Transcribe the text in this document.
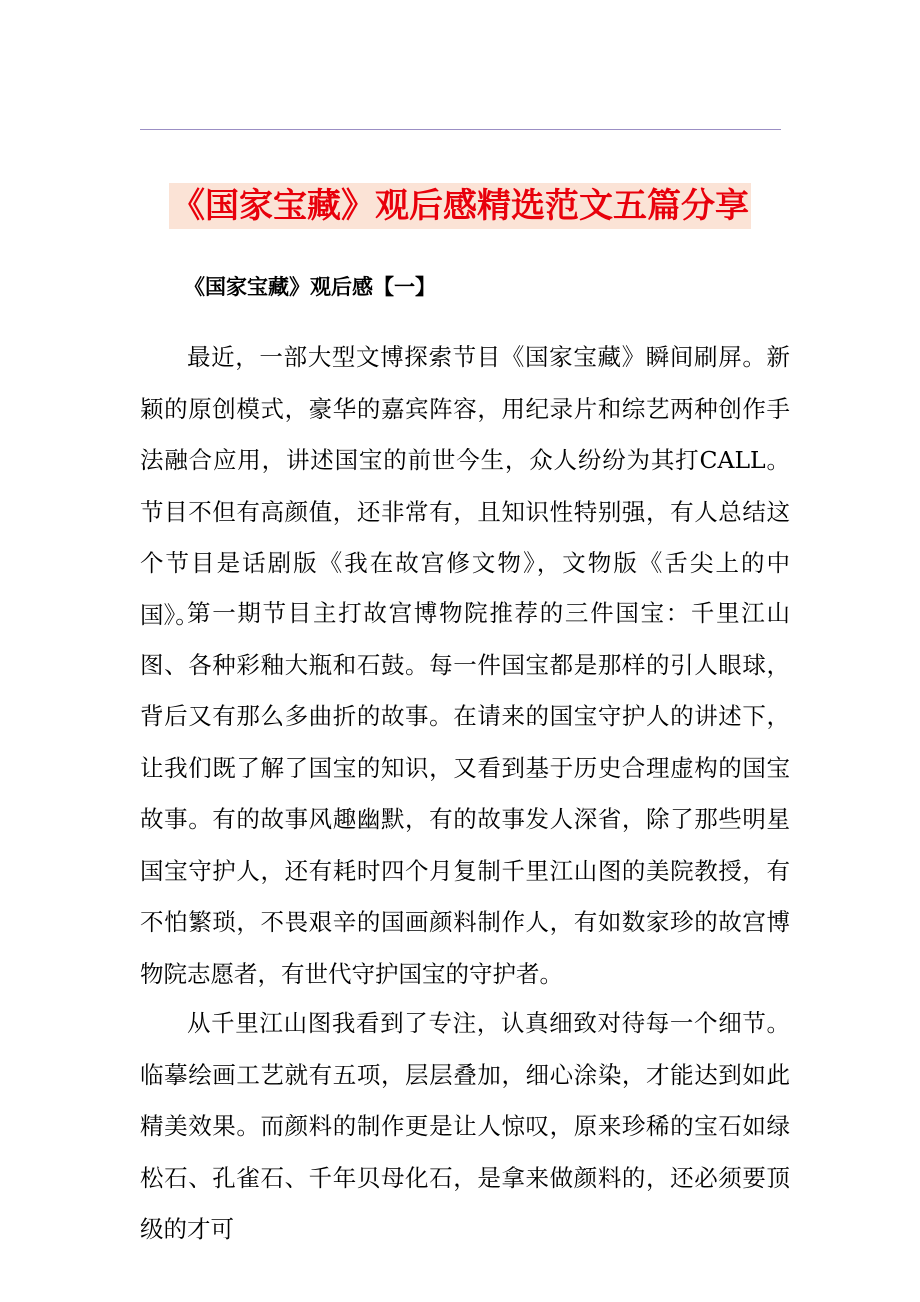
《国家宝藏》观后感精选范文五篇分享
《国家宝藏》观后感【一】

最近，一部大型文博探索节目《国家宝藏》瞬间刷屏。新颖的原创模式，豪华的嘉宾阵容，用纪录片和综艺两种创作手法融合应用，讲述国宝的前世今生，众人纷纷为其打CALL。节目不但有高颜值，还非常有，且知识性特别强，有人总结这个节目是话剧版《我在故宫修文物》，文物版《舌尖上的中国》。

第一期节目主打故宫博物院推荐的三件国宝：千里江山图、各种彩釉大瓶和石鼓。每一件国宝都是那样的引人眼球，背后又有那么多曲折的故事。在请来的国宝守护人的讲述下，让我们既了解了国宝的知识，又看到基于历史合理虚构的国宝故事。有的故事风趣幽默，有的故事发人深省，除了那些明星国宝守护人，还有耗时四个月复制千里江山图的美院教授，有不怕繁琐，不畏艰辛的国画颜料制作人，有如数家珍的故宫博物院志愿者，有世代守护国宝的守护者。

从千里江山图我看到了专注，认真细致对待每一个细节。临摹绘画工艺就有五项，层层叠加，细心涂染，才能达到如此精美效果。而颜料的制作更是让人惊叹，原来珍稀的宝石如绿松石、孔雀石、千年贝母化石，是拿来做颜料的，还必须要顶级的才可
